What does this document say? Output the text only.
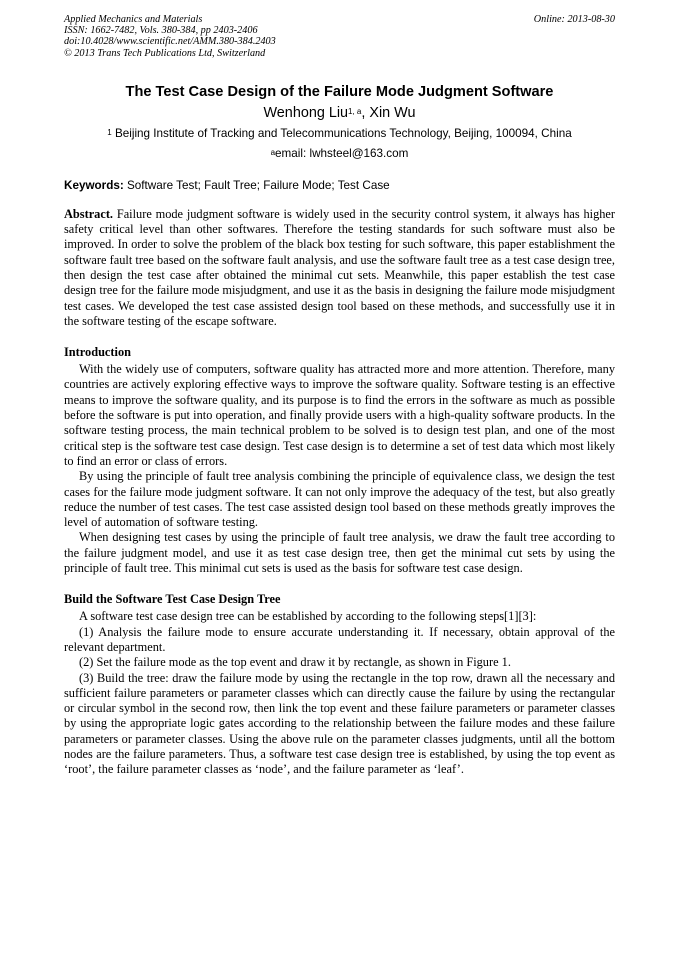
Applied Mechanics and Materials	Online: 2013-08-30
ISSN: 1662-7482, Vols. 380-384, pp 2403-2406
doi:10.4028/www.scientific.net/AMM.380-384.2403
© 2013 Trans Tech Publications Ltd, Switzerland
The Test Case Design of the Failure Mode Judgment Software
Wenhong Liu$^{1, a}$, Xin Wu
$^1$ Beijing Institute of Tracking and Telecommunications Technology, Beijing, 100094, China
$^a$email: lwhsteel@163.com
Keywords: Software Test; Fault Tree; Failure Mode; Test Case
Abstract. Failure mode judgment software is widely used in the security control system, it always has higher safety critical level than other softwares. Therefore the testing standards for such software must also be improved. In order to solve the problem of the black box testing for such software, this paper establishment the software fault tree based on the software fault analysis, and use the software fault tree as a test case design tree, then design the test case after obtained the minimal cut sets. Meanwhile, this paper establish the test case design tree for the failure mode misjudgment, and use it as the basis in designing the failure mode misjudgment test cases. We developed the test case assisted design tool based on these methods, and successfully use it in the software testing of the escape software.
Introduction

With the widely use of computers, software quality has attracted more and more attention. Therefore, many countries are actively exploring effective ways to improve the software quality. Software testing is an effective means to improve the software quality, and its purpose is to find the errors in the software as much as possible before the software is put into operation, and finally provide users with a high-quality software products. In the software testing process, the main technical problem to be solved is to design test plan, and one of the most critical step is the software test case design. Test case design is to determine a set of test data which most likely to find an error or class of errors.

By using the principle of fault tree analysis combining the principle of equivalence class, we design the test cases for the failure mode judgment software. It can not only improve the adequacy of the test, but also greatly reduce the number of test cases. The test case assisted design tool based on these methods greatly improves the level of automation of software testing.

When designing test cases by using the principle of fault tree analysis, we draw the fault tree according to the failure judgment model, and use it as test case design tree, then get the minimal cut sets by using the principle of fault tree. This minimal cut sets is used as the basis for software test case design.

Build the Software Test Case Design Tree

A software test case design tree can be established by according to the following steps[1][3]:

(1) Analysis the failure mode to ensure accurate understanding it. If necessary, obtain approval of the relevant department.

(2) Set the failure mode as the top event and draw it by rectangle, as shown in Figure 1.

(3) Build the tree: draw the failure mode by using the rectangle in the top row, drawn all the necessary and sufficient failure parameters or parameter classes which can directly cause the failure by using the rectangular or circular symbol in the second row, then link the top event and these failure parameters or parameter classes by using the appropriate logic gates according to the relationship between the failure modes and these failure parameters or parameter classes. Using the above rule on the parameter classes judgments, until all the bottom nodes are the failure parameters. Thus, a software test case design tree is established, by using the top event as ‘root’, the failure parameter classes as ‘node’, and the failure parameter as ‘leaf’.
